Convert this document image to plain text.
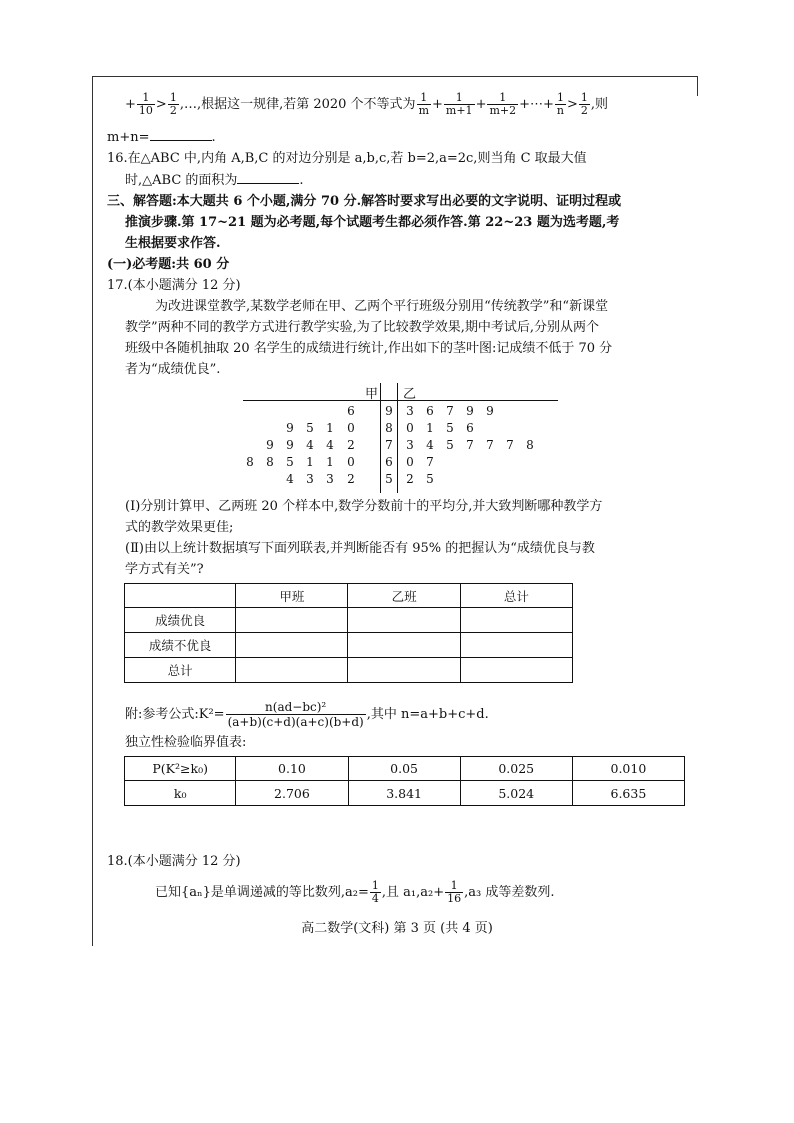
+ $\frac{1}{10} > \frac{1}{2}$ ,…,根据这一规律,若第 2020 个不等式为 $\frac{1}{m} + \frac{1}{m+1} + \frac{1}{m+2}$ +⋯+ $\frac{1}{n} > \frac{1}{2}$ ,则
m+n=	.
16.在△ABC 中,内角 A,B,C 的对边分别是 a,b,c,若 b=2,a=2c,则当角 C 取最大值
时,△ABC 的面积为	.
三、解答题:本大题共 6 个小题,满分 70 分.解答时要求写出必要的文字说明、证明过程或
推演步骤.第 17~21 题为必考题,每个试题考生都必须作答.第 22~23 题为选考题,考
生根据要求作答.
(一)必考题:共 60 分
17.(本小题满分 12 分)
为改进课堂教学,某数学老师在甲、乙两个平行班级分别用“传统教学”和“新课堂
教学”两种不同的教学方式进行教学实验,为了比较教学效果,期中考试后,分别从两个
班级中各随机抽取 20 名学生的成绩进行统计,作出如下的茎叶图:记成绩不低于 70 分
者为“成绩优良”.
甲 乙
6	9 3 6 7 9 9
9 5 1 0	8 0 1 5 6
9 9 4 4 2	7 3 4 5 7 7 7 8
8 8 5 1 1 0	6 0 7
4 3 3 2	5 2 5
(Ⅰ)分别计算甲、乙两班 20 个样本中,数学分数前十的平均分,并大致判断哪种教学方
式的教学效果更佳;
(Ⅱ)由以上统计数据填写下面列联表,并判断能否有 95% 的把握认为“成绩优良与教
学方式有关”?
	甲班	乙班	总计
成绩优良			
成绩不优良			
总计			
附:参考公式:K²= $\frac{\text{n(ad−bc)²}}{(a+b)(c+d)(a+c)(b+d)}$ ,其中 n=a+b+c+d.
独立性检验临界值表:
P(K²≥k₀)	0.10	0.05	0.025	0.010
k₀	2.706	3.841	5.024	6.635
18.(本小题满分 12 分)
已知{aₙ}是单调递减的等比数列$,a_2= \frac{1}{4}$ ,且 $a_1,a_2+ \frac{1}{16} ,a_3$ 成等差数列.
高二数学(文科) 第 3 页 (共 4 页)
